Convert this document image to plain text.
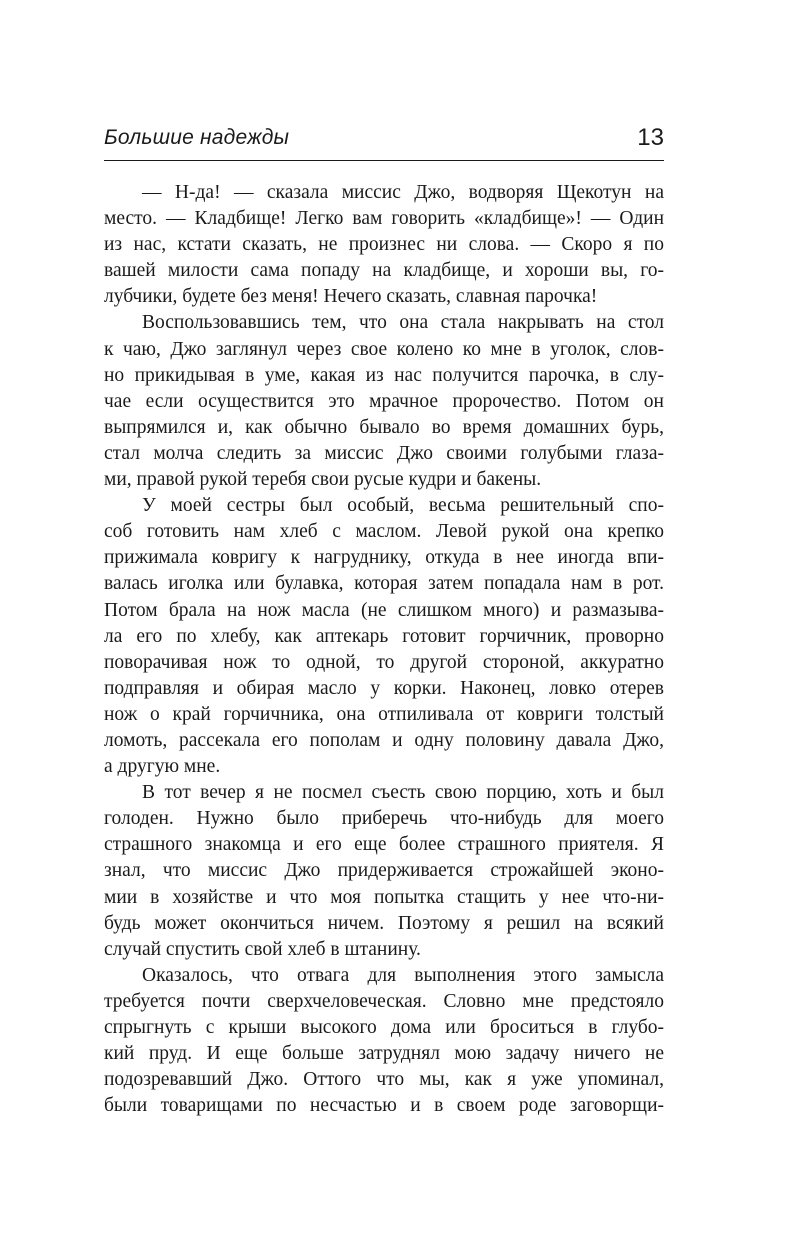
Большие надежды	13
— Н-да! — сказала миссис Джо, водворяя Щекотун на
место. — Кладбище! Легко вам говорить «кладбище»! — Один
из нас, кстати сказать, не произнес ни слова. — Скоро я по
вашей милости сама попаду на кладбище, и хороши вы, го-
лубчики, будете без меня! Нечего сказать, славная парочка!
Воспользовавшись тем, что она стала накрывать на стол
к чаю, Джо заглянул через свое колено ко мне в уголок, слов-
но прикидывая в уме, какая из нас получится парочка, в слу-
чае если осуществится это мрачное пророчество. Потом он
выпрямился и, как обычно бывало во время домашних бурь,
стал молча следить за миссис Джо своими голубыми глаза-
ми, правой рукой теребя свои русые кудри и бакены.
У моей сестры был особый, весьма решительный спо-
соб готовить нам хлеб с маслом. Левой рукой она крепко
прижимала ковригу к нагруднику, откуда в нее иногда впи-
валась иголка или булавка, которая затем попадала нам в рот.
Потом брала на нож масла (не слишком много) и размазыва-
ла его по хлебу, как аптекарь готовит горчичник, проворно
поворачивая нож то одной, то другой стороной, аккуратно
подправляя и обирая масло у корки. Наконец, ловко отерев
нож о край горчичника, она отпиливала от ковриги толстый
ломоть, рассекала его пополам и одну половину давала Джо,
а другую мне.
В тот вечер я не посмел съесть свою порцию, хоть и был
голоден. Нужно было приберечь что-нибудь для моего
страшного знакомца и его еще более страшного приятеля. Я
знал, что миссис Джо придерживается строжайшей эконо-
мии в хозяйстве и что моя попытка стащить у нее что-ни-
будь может окончиться ничем. Поэтому я решил на всякий
случай спустить свой хлеб в штанину.
Оказалось, что отвага для выполнения этого замысла
требуется почти сверхчеловеческая. Словно мне предстояло
спрыгнуть с крыши высокого дома или броситься в глубо-
кий пруд. И еще больше затруднял мою задачу ничего не
подозревавший Джо. Оттого что мы, как я уже упоминал,
были товарищами по несчастью и в своем роде заговорщи-
